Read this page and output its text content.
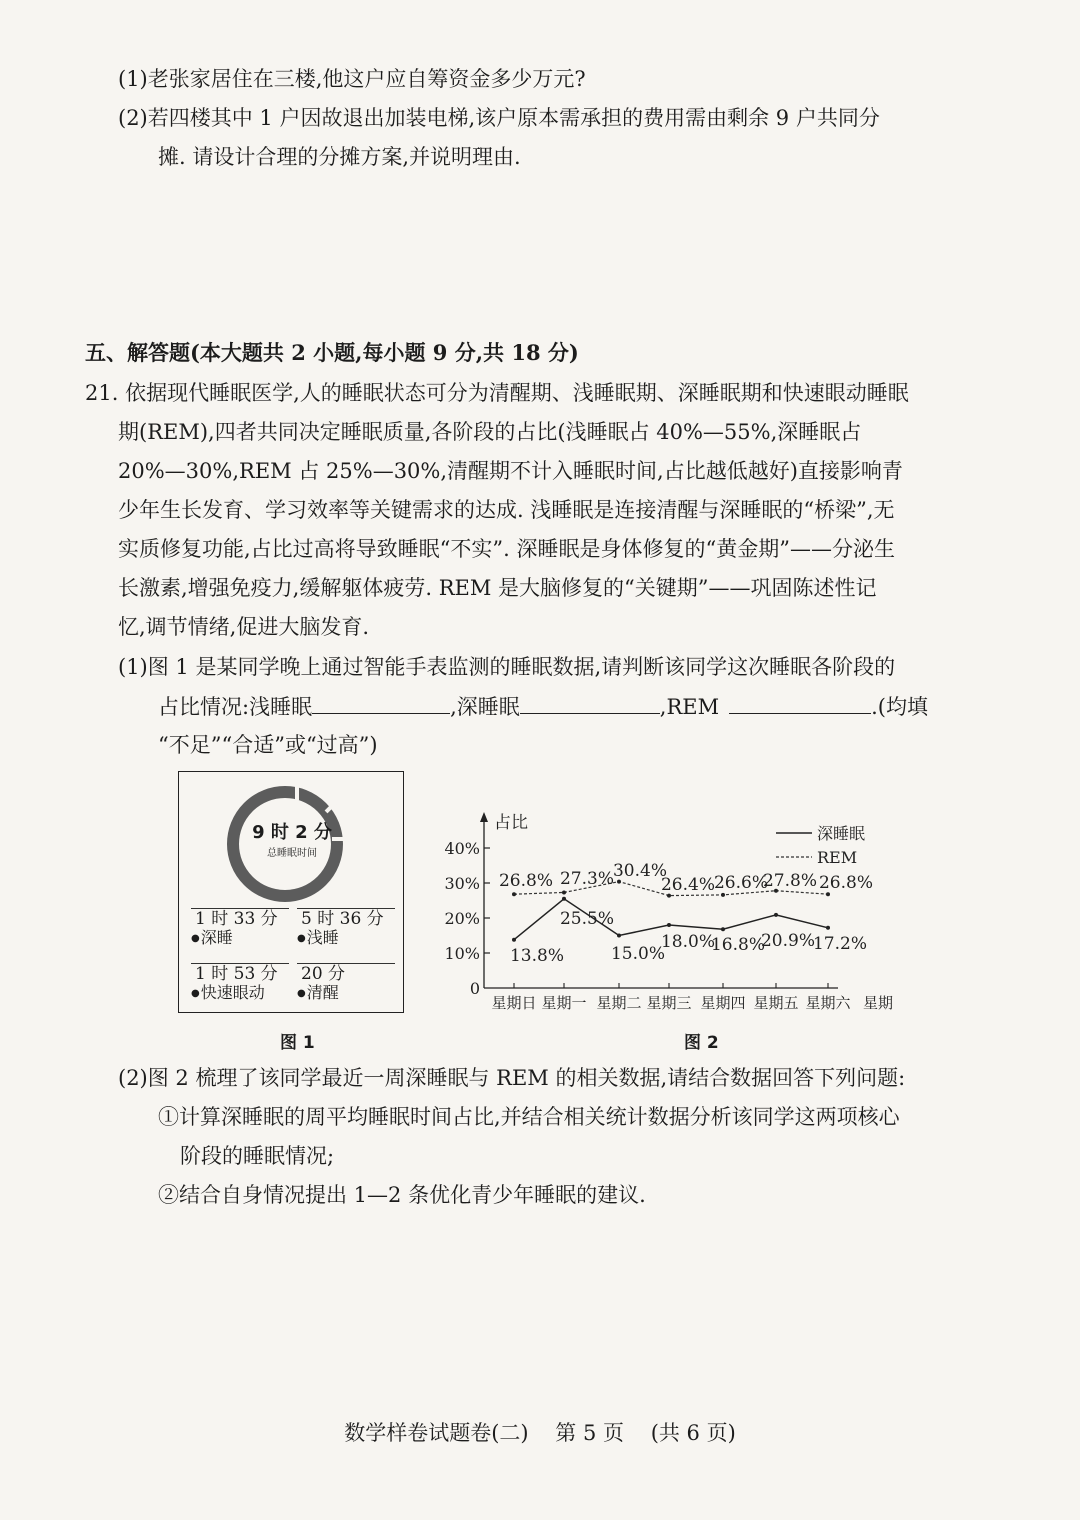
(1)老张家居住在三楼,他这户应自筹资金多少万元?
(2)若四楼其中 1 户因故退出加装电梯,该户原本需承担的费用需由剩余 9 户共同分
摊. 请设计合理的分摊方案,并说明理由.
五、解答题(本大题共 2 小题,每小题 9 分,共 18 分)
21. 依据现代睡眠医学,人的睡眠状态可分为清醒期、浅睡眠期、深睡眠期和快速眼动睡眠
期(REM),四者共同决定睡眠质量,各阶段的占比(浅睡眠占 40%—55%,深睡眠占
20%—30%,REM 占 25%—30%,清醒期不计入睡眠时间,占比越低越好)直接影响青
少年生长发育、学习效率等关键需求的达成. 浅睡眠是连接清醒与深睡眠的“桥梁”,无
实质修复功能,占比过高将导致睡眠“不实”. 深睡眠是身体修复的“黄金期”——分泌生
长激素,增强免疫力,缓解躯体疲劳. REM 是大脑修复的“关键期”——巩固陈述性记
忆,调节情绪,促进大脑发育.
(1)图 1 是某同学晚上通过智能手表监测的睡眠数据,请判断该同学这次睡眠各阶段的
占比情况:浅睡眠	,深睡眠	,REM	.(均填
“不足”“合适”或“过高”)
9 时 2 分
总睡眠时间
1 时 33 分
●深睡
5 时 36 分
●浅睡
1 时 53 分
●快速眼动
20 分
●清醒
图 1
占比
0
10%
20%
30%
40%
星期日 星期一 星期二 星期三 星期四 星期五 星期六 星期
26.8% 27.3%
30.4%
26.4%
26.6%
27.8% 26.8%
13.8%
25.5%
15.0%
18.0%
16.8%
20.9%
17.2%
深睡眠
REM
图 2
(2)图 2 梳理了该同学最近一周深睡眠与 REM 的相关数据,请结合数据回答下列问题:
①计算深睡眠的周平均睡眠时间占比,并结合相关统计数据分析该同学这两项核心
阶段的睡眠情况;
②结合自身情况提出 1—2 条优化青少年睡眠的建议.
数学样卷试题卷(二) 第 5 页 (共 6 页)
